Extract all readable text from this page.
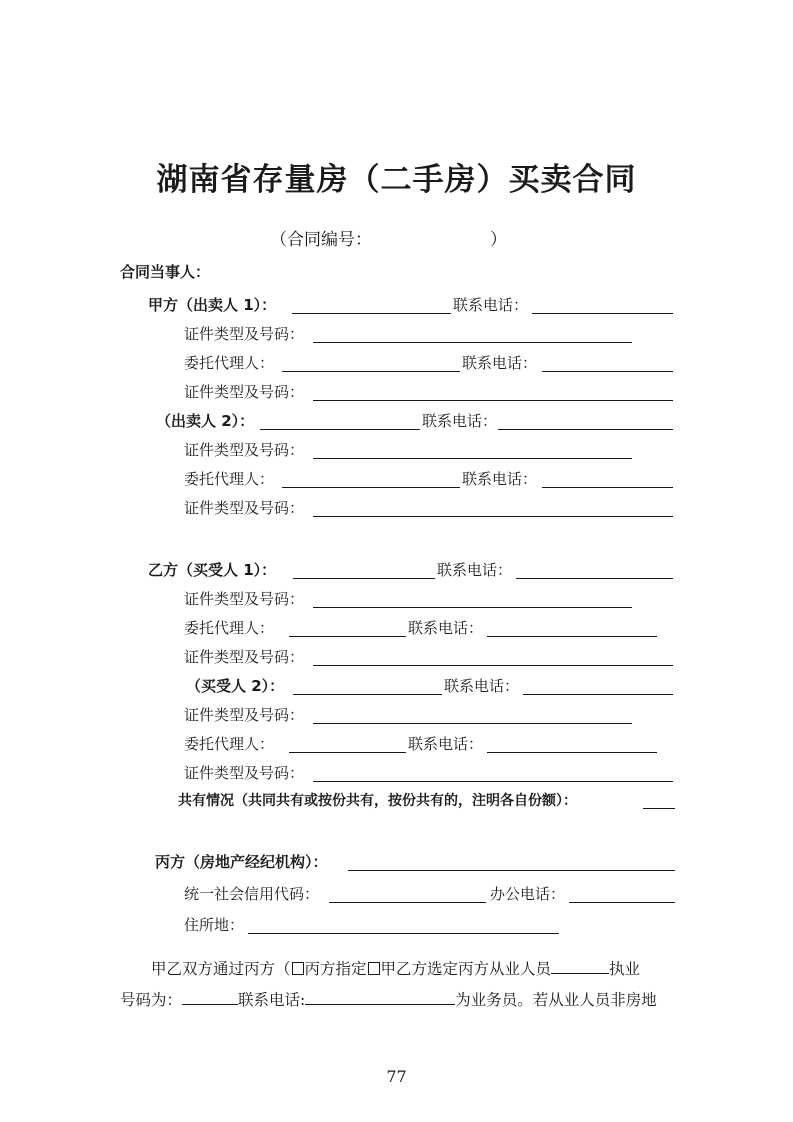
湖南省存量房（二手房）买卖合同
（合同编号：	）
合同当事人：
甲方（出卖人 1）：	联系电话：
证件类型及号码：
委托代理人：	联系电话：
证件类型及号码：
（出卖人 2）：	联系电话：
证件类型及号码：
委托代理人：	联系电话：
证件类型及号码：
乙方（买受人 1）：	联系电话：
证件类型及号码：
委托代理人：	联系电话：
证件类型及号码：
（买受人 2）：	联系电话：
证件类型及号码：
委托代理人：	联系电话：
证件类型及号码：
共有情况（共同共有或按份共有，按份共有的，注明各自份额）：
丙方（房地产经纪机构）：
统一社会信用代码：	办公电话：
住所地：
甲乙双方通过丙方（ 丙方指定 甲乙方选定丙方从业人员	执业
号码为：	联系电话:	为业务员。若从业人员非房地
77
